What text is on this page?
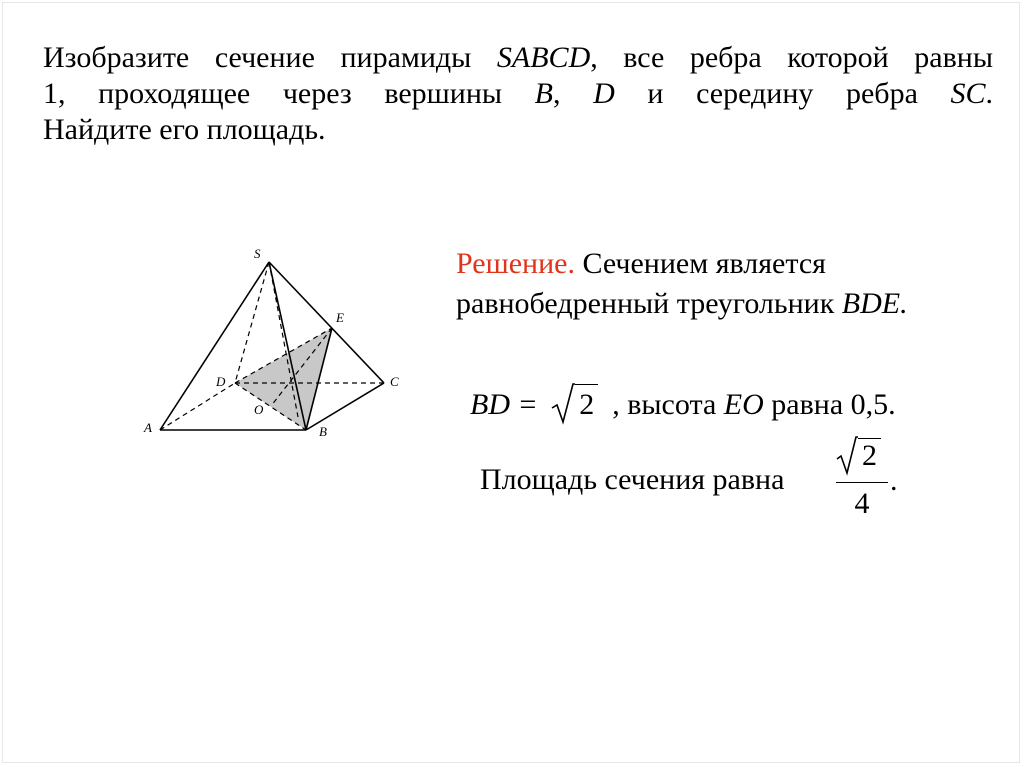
Изобразите сечение пирамиды SABCD, все ребра которой равны
1, проходящее через вершины B, D и середину ребра SC.
Найдите его площадь.
S
E
D	C
O
A	B
Решение. Сечением является
равнобедренный треугольник BDE.
BD = 2 , высота EO равна 0,5.
Площадь сечения равна
2
4
.
